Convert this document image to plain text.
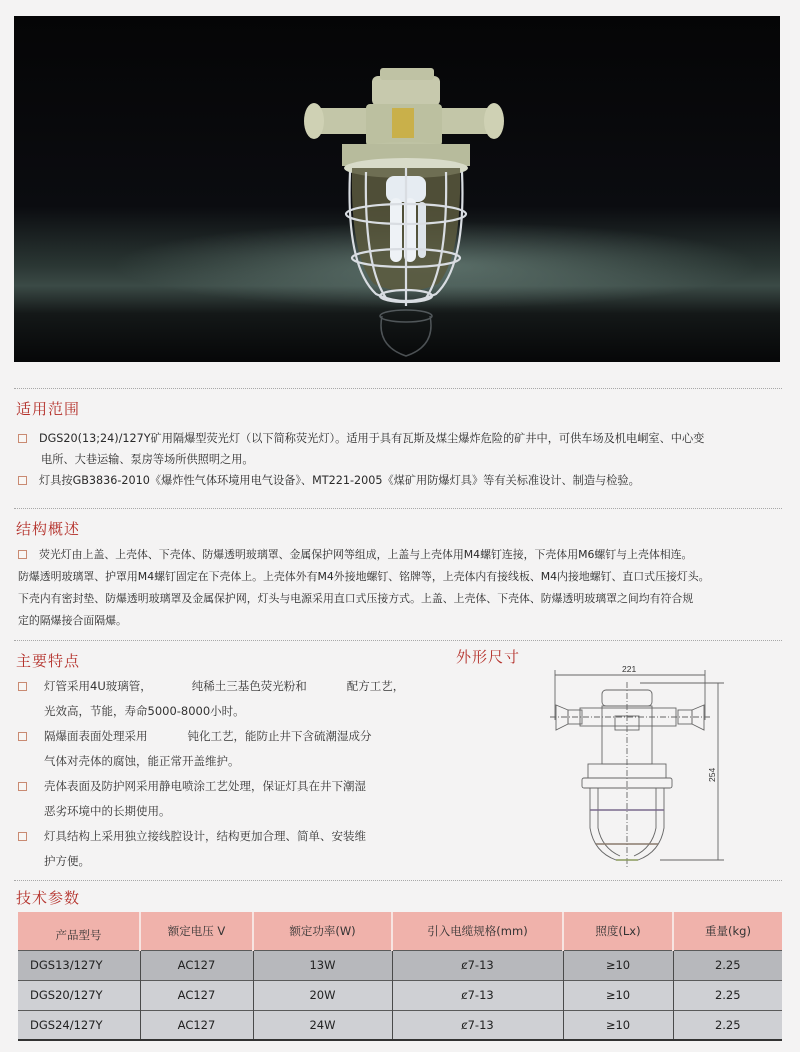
适用范围
DGS20(13;24)/127Y矿用隔爆型荧光灯（以下简称荧光灯）。适用于具有瓦斯及煤尘爆炸危险的矿井中，可供车场及机电峒室、中心变
电所、大巷运输、泵房等场所供照明之用。
灯具按GB3836-2010《爆炸性气体环境用电气设备》、MT221-2005《煤矿用防爆灯具》等有关标准设计、制造与检验。
结构概述
荧光灯由上盖、上壳体、下壳体、防爆透明玻璃罩、金属保护网等组成，上盖与上壳体用M4螺钉连接，下壳体用M6螺钉与上壳体相连。
防爆透明玻璃罩、护罩用M4螺钉固定在下壳体上。上壳体外有M4外接地螺钉、铭牌等，上壳体内有接线板、M4内接地螺钉、直口式压接灯头。
下壳内有密封垫、防爆透明玻璃罩及金属保护网，灯头与电源采用直口式压接方式。上盖、上壳体、下壳体、防爆透明玻璃罩之间均有符合规
定的隔爆接合面隔爆。
主要特点
灯管采用4U玻璃管，	纯稀土三基色荧光粉和	配方工艺，
光效高，节能，寿命5000-8000小时。
隔爆面表面处理采用	钝化工艺，能防止井下含硫潮湿成分
气体对壳体的腐蚀，能正常开盖维护。
壳体表面及防护网采用静电喷涂工艺处理，保证灯具在井下潮湿
恶劣环境中的长期使用。
灯具结构上采用独立接线腔设计，结构更加合理、简单、安装维
护方便。
外形尺寸
221
254
技术参数
产品型号	额定电压 V	额定功率(W)	引入电缆规格(mm)	照度(Lx)	重量(kg)
DGS13/127Y	AC127	13W	ȼ7-13	≥10	2.25
DGS20/127Y	AC127	20W	ȼ7-13	≥10	2.25
DGS24/127Y	AC127	24W	ȼ7-13	≥10	2.25
